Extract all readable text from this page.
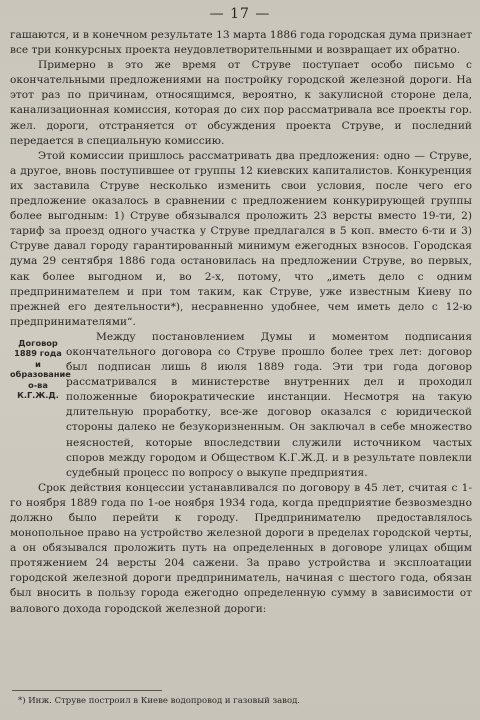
— 17 —

гашаются, и в конечном результате 13 марта 1886 года городская дума признает все три конкурсных проекта неудовлетворительными и возвращает их обратно.

Примерно в это же время от Струве поступает особо письмо с окончательными предложениями на постройку городской железной дороги. На этот раз по причинам, относящимся, вероятно, к закулисной стороне дела, канализационная комиссия, которая до сих пор рассматривала все проекты гор. жел. дороги, отстраняется от обсуждения проекта Струве, и последний передается в специальную комиссию.

Этой комиссии пришлось рассматривать два предложения: одно — Струве, а другое, вновь поступившее от группы 12 киевских капиталистов. Конкуренция их заставила Струве несколько изменить свои условия, после чего его предложение оказалось в сравнении с предложением конкурирующей группы более выгодным: 1) Струве обязывался проложить 23 версты вместо 19-ти, 2) тариф за проезд одного участка у Струве предлагался в 5 коп. вместо 6-ти и 3) Струве давал городу гарантированный минимум ежегодных взносов. Городская дума 29 сентября 1886 года остановилась на предложении Струве, во первых, как более выгодном и, во 2-х, потому, что „иметь дело с одним предпринимателем и при том таким, как Струве, уже известным Киеву по прежней его деятельности*), несравненно удобнее, чем иметь дело с 12-ю предпринимателями“.

Договор 1889 года и образование о-ва К.Г.Ж.Д.

Между постановлением Думы и моментом подписания окончательного договора со Струве прошло более трех лет: договор был подписан лишь 8 июля 1889 года. Эти три года договор рассматривался в министерстве внутренних дел и проходил положенные биорократические инстанции. Несмотря на такую длительную проработку, все-же договор оказался с юридической стороны далеко не безукоризненным. Он заключал в себе множество неясностей, которые впоследствии служили источником частых споров между городом и Обществом К.Г.Ж.Д. и в результате повлекли судебный процесс по вопросу о выкупе предприятия.

Срок действия концессии устанавливался по договору в 45 лет, считая с 1-го ноября 1889 года по 1-ое ноября 1934 года, когда предприятие безвозмездно должно было перейти к городу. Предпринимателю предоставлялось монопольное право на устройство железной дороги в пределах городской черты, а он обязывался проложить путь на определенных в договоре улицах общим протяжением 24 версты 204 сажени. За право устройства и эксплоатации городской железной дороги предприниматель, начиная с шестого года, обязан был вносить в пользу города ежегодно определенную сумму в зависимости от валового дохода городской железной дороги:

*) Инж. Струве построил в Киеве водопровод и газовый завод.
